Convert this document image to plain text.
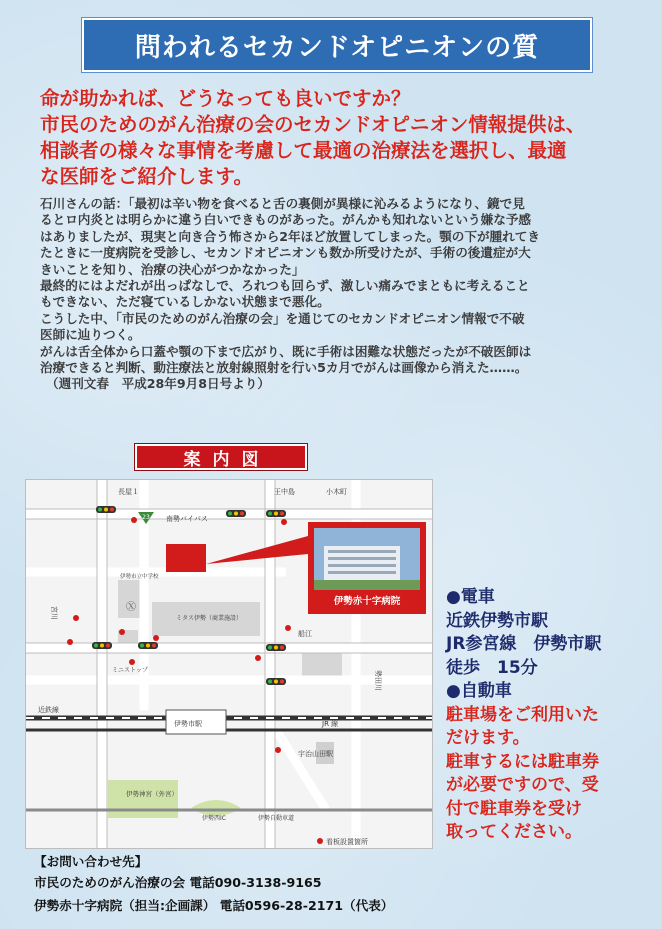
問われるセカンドオピニオンの質
命が助かれば、どうなっても良いですか？
市民のためのがん治療の会のセカンドオピニオン情報提供は、
相談者の様々な事情を考慮して最適の治療法を選択し、最適
な医師をご紹介します。
石川さんの話：「最初は辛い物を食べると舌の裏側が異様に沁みるようになり、鏡で見
るとロ内炎とは明らかに違う白いできものがあった。がんかも知れないという嫌な予感
はありましたが、現実と向き合う怖さから2年ほど放置してしまった。顎の下が腫れてき
たときに一度病院を受診し、セカンドオピニオンも数か所受けたが、手術の後遺症が大
きいことを知り、治療の決心がつかなかった」
最終的にはよだれが出っぱなしで、ろれつも回らず、激しい痛みでまともに考えること
もできない、ただ寝ているしかない状態まで悪化。
こうした中、「市民のためのがん治療の会」を通じてのセカンドオピニオン情報で不破
医師に辿りつく。
がんは舌全体から口蓋や顎の下まで広がり、既に手術は困難な状態だったが不破医師は
治療できると判断、動注療法と放射線照射を行い5カ月でがんは画像から消えた……。
（週刊文春　平成28年9月8日号より）
案内図
伊勢赤十字病院
23
Ⓧ
長屋１	王中島	小木町
南勢バイパス
宮川
伊勢市立中学校
ミタス伊勢（商業施設）
船江
ミニストップ
近鉄線
伊勢市駅	JR 線
宇治山田駅
伊勢神宮（外宮）
伊勢西IC	伊勢自動車道
勢田川
看板設置箇所
●電車
近鉄伊勢市駅
JR参宮線　伊勢市駅
徒歩　15分
●自動車
駐車場をご利用いた
だけます。
駐車するには駐車券
が必要ですので、受
付で駐車券を受け
取ってください。
【お問い合わせ先】
市民のためのがん治療の会 電話090-3138-9165
伊勢赤十字病院（担当:企画課） 電話0596-28-2171（代表）
